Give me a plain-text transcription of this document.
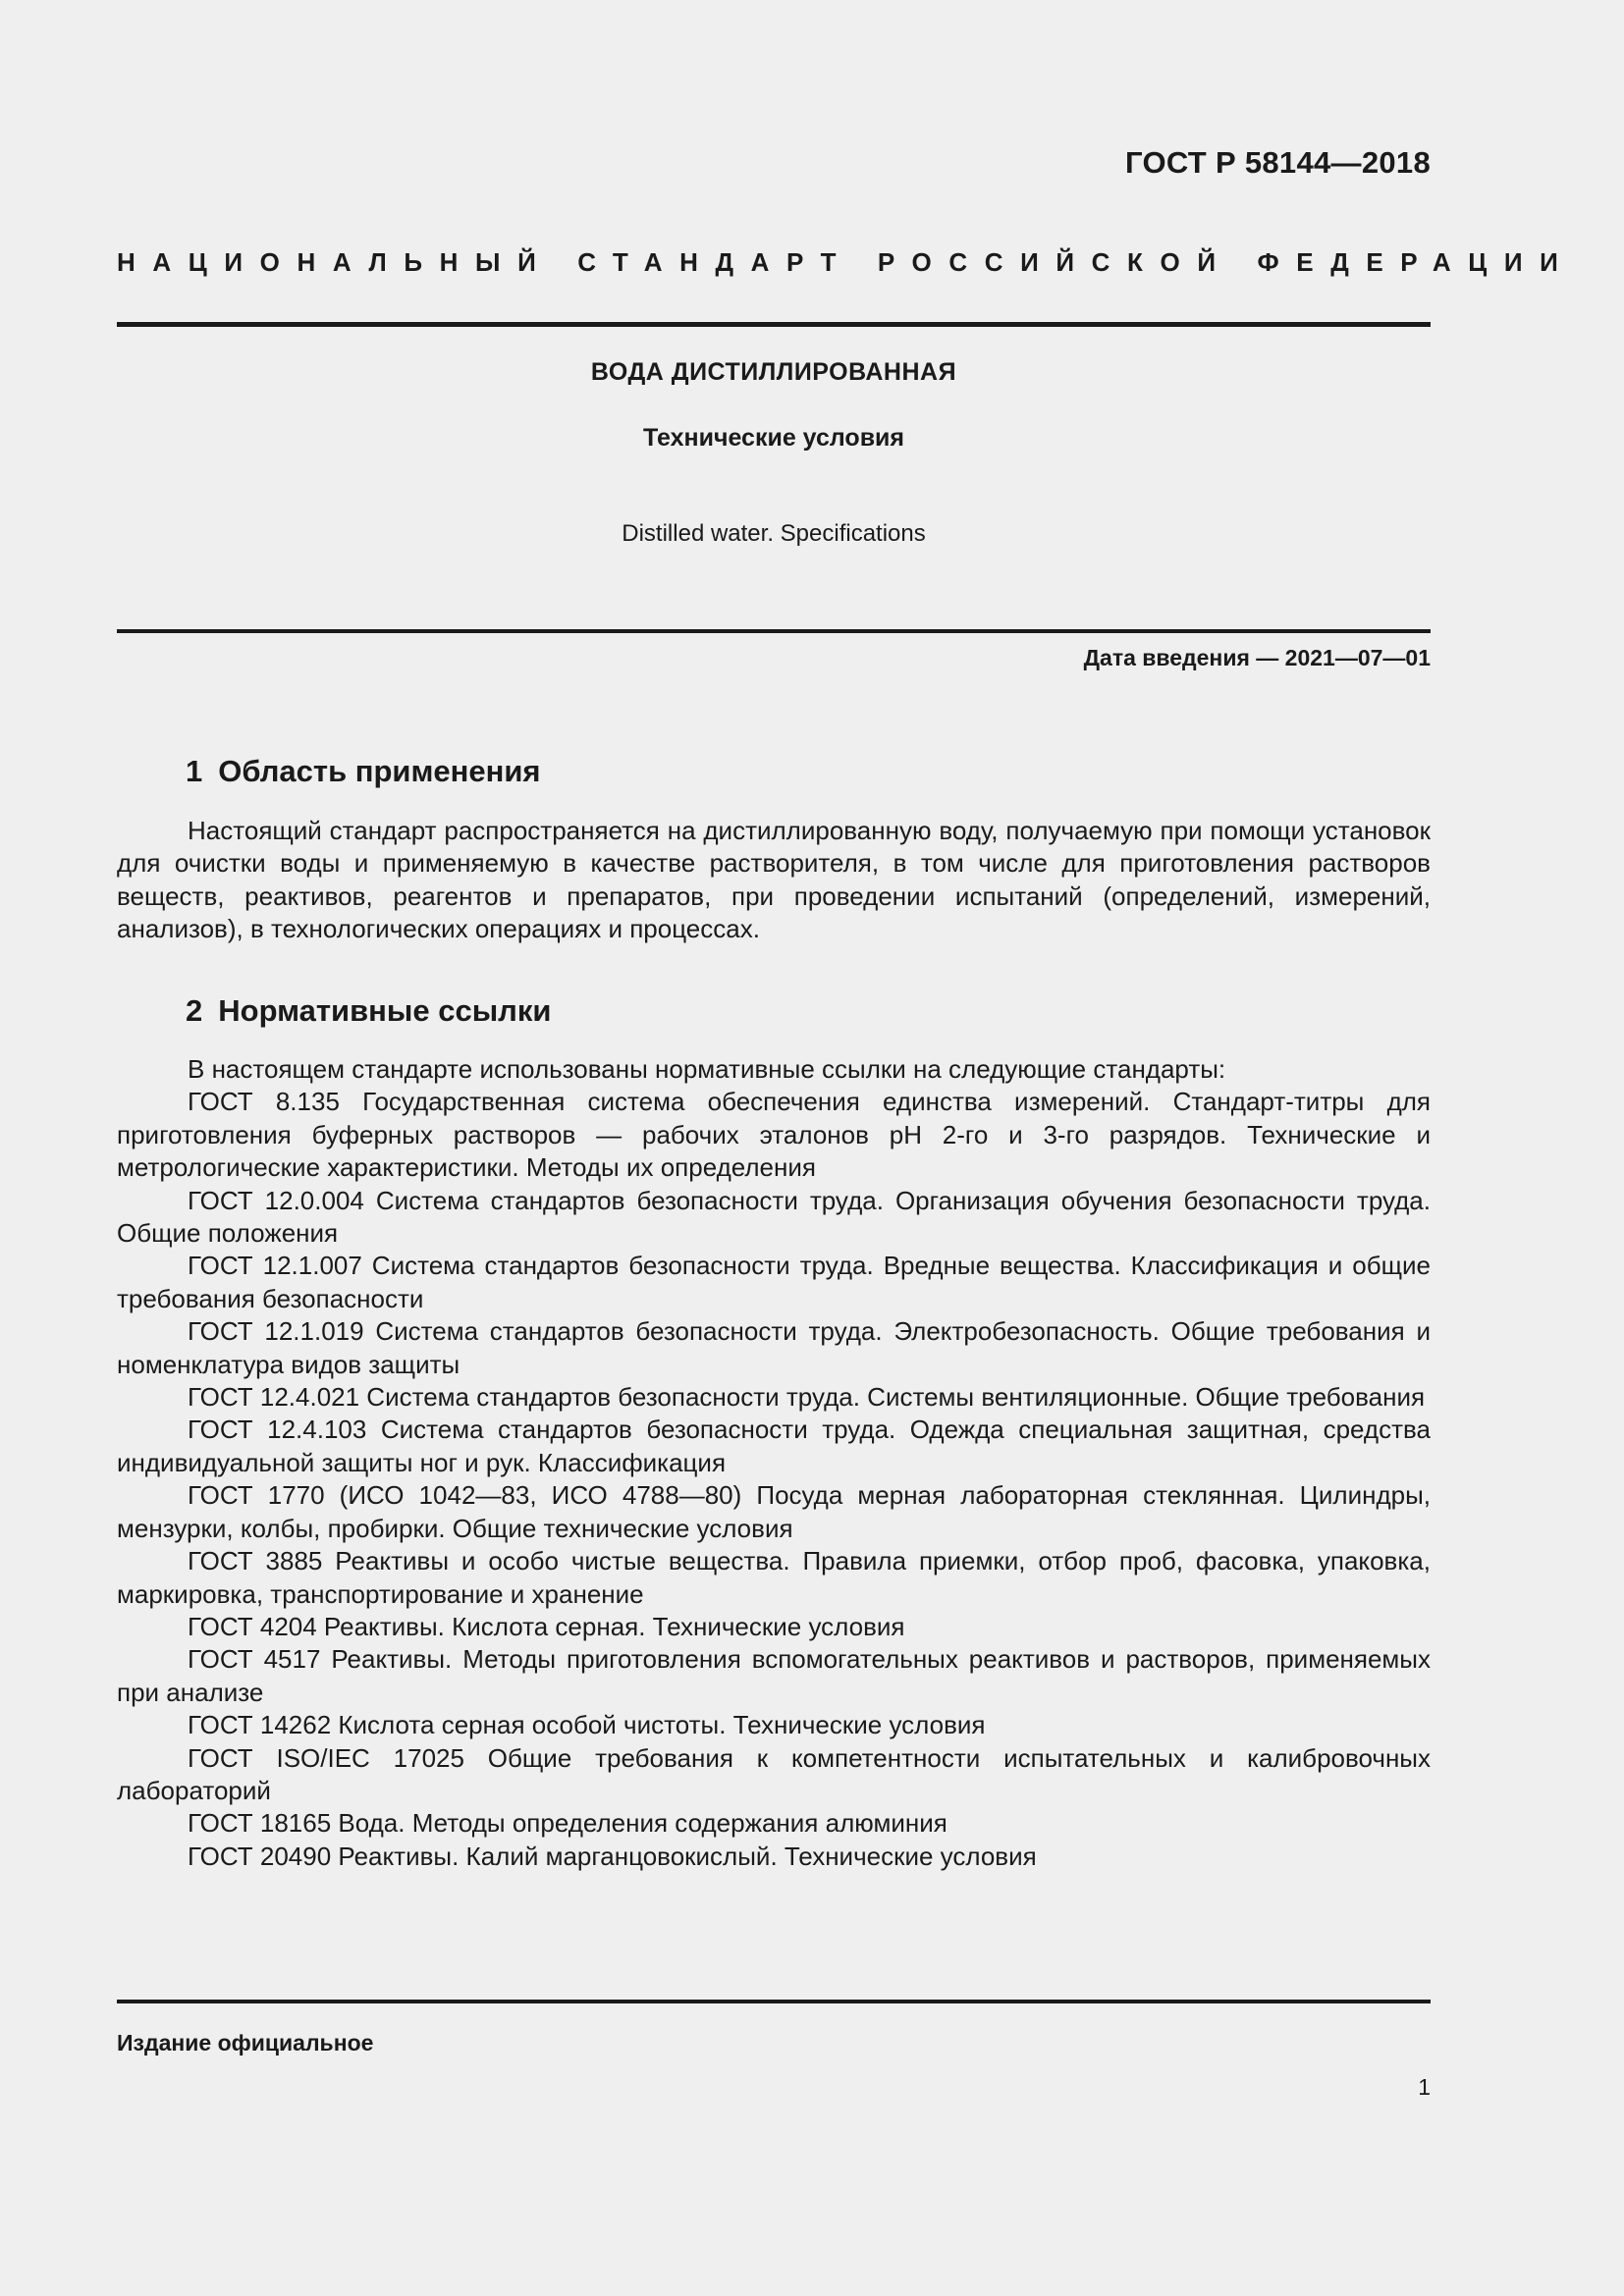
ГОСТ Р 58144—2018
НАЦИОНАЛЬНЫЙ СТАНДАРТ РОССИЙСКОЙ ФЕДЕРАЦИИ
ВОДА ДИСТИЛЛИРОВАННАЯ
Технические условия
Distilled water. Specifications
Дата введения — 2021—07—01
1 Область применения

Настоящий стандарт распространяется на дистиллированную воду, получаемую при помощи установок для очистки воды и применяемую в качестве растворителя, в том числе для приготовления растворов веществ, реактивов, реагентов и препаратов, при проведении испытаний (определений, измерений, анализов), в технологических операциях и процессах.

2 Нормативные ссылки

В настоящем стандарте использованы нормативные ссылки на следующие стандарты:

ГОСТ 8.135 Государственная система обеспечения единства измерений. Стандарт-титры для приготовления буферных растворов — рабочих эталонов pH 2-го и 3-го разрядов. Технические и метрологические характеристики. Методы их определения

ГОСТ 12.0.004 Система стандартов безопасности труда. Организация обучения безопасности труда. Общие положения

ГОСТ 12.1.007 Система стандартов безопасности труда. Вредные вещества. Классификация и общие требования безопасности

ГОСТ 12.1.019 Система стандартов безопасности труда. Электробезопасность. Общие требования и номенклатура видов защиты

ГОСТ 12.4.021 Система стандартов безопасности труда. Системы вентиляционные. Общие требования

ГОСТ 12.4.103 Система стандартов безопасности труда. Одежда специальная защитная, средства индивидуальной защиты ног и рук. Классификация

ГОСТ 1770 (ИСО 1042—83, ИСО 4788—80) Посуда мерная лабораторная стеклянная. Цилиндры, мензурки, колбы, пробирки. Общие технические условия

ГОСТ 3885 Реактивы и особо чистые вещества. Правила приемки, отбор проб, фасовка, упаковка, маркировка, транспортирование и хранение

ГОСТ 4204 Реактивы. Кислота серная. Технические условия

ГОСТ 4517 Реактивы. Методы приготовления вспомогательных реактивов и растворов, применяемых при анализе

ГОСТ 14262 Кислота серная особой чистоты. Технические условия

ГОСТ ISO/IEC 17025 Общие требования к компетентности испытательных и калибровочных лабораторий

ГОСТ 18165 Вода. Методы определения содержания алюминия

ГОСТ 20490 Реактивы. Калий марганцовокислый. Технические условия

Издание официальное
1
